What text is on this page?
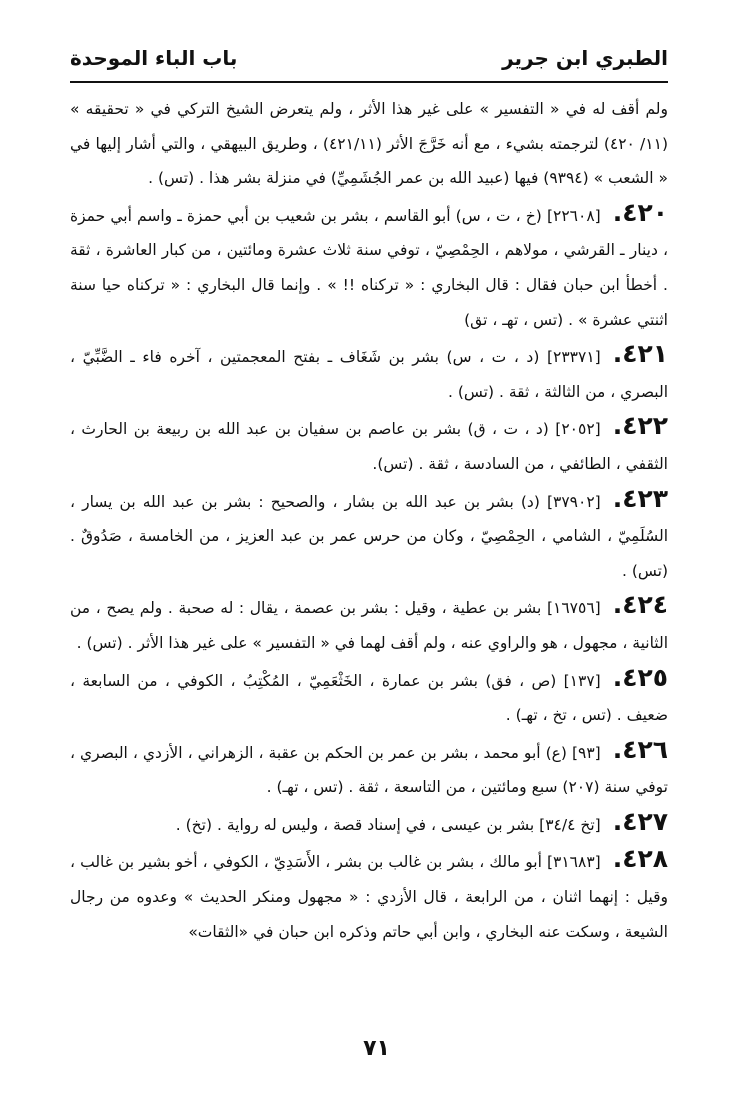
الطبري ابن جرير
باب الباء الموحدة

ولم أقف له في « التفسير » على غير هذا الأثر ، ولم يتعرض الشيخ التركي في « تحقيقه » (١١/ ٤٢٠) لترجمته بشيء ، مع أنه خَرَّجَ الأثر (٤٢١/١١) ، وطريق البيهقي ، والتي أشار إليها في « الشعب » (٩٣٩٤) فيها (عبيد الله بن عمر الجُشَمِيِّ) في منزلة بشر هذا . (تس) .

٤٢٠.[٢٢٦٠٨] (خ ، ت ، س) أبو القاسم ، بشر بن شعيب بن أبي حمزة ـ واسم أبي حمزة ، دينار ـ القرشي ، مولاهم ، الحِمْصِيّ ، توفي سنة ثلاث عشرة ومائتين ، من كبار العاشرة ، ثقة . أخطأ ابن حبان فقال : قال البخاري : « تركناه !! » . وإنما قال البخاري : « تركناه حيا سنة اثنتي عشرة » . (تس ، تهـ ، تق)

٤٢١.[٢٣٣٧١] (د ، ت ، س) بشر بن شَغَاف ـ بفتح المعجمتين ، آخره فاء ـ الضَّبِّيّ ، البصري ، من الثالثة ، ثقة . (تس) .

٤٢٢.[٢٠٥٢] (د ، ت ، ق) بشر بن عاصم بن سفيان بن عبد الله بن ربيعة بن الحارث ، الثقفي ، الطائفي ، من السادسة ، ثقة . (تس).

٤٢٣.[٣٧٩٠٢] (د) بشر بن عبد الله بن بشار ، والصحيح : بشر بن عبد الله بن يسار ، السُلَمِيّ ، الشامي ، الحِمْصِيّ ، وكان من حرس عمر بن عبد العزيز ، من الخامسة ، صَدُوقٌ . (تس) .

٤٢٤.[١٦٧٥٦] بشر بن عطية ، وقيل : بشر بن عصمة ، يقال : له صحبة . ولم يصح ، من الثانية ، مجهول ، هو والراوي عنه ، ولم أقف لهما في « التفسير » على غير هذا الأثر . (تس) .

٤٢٥.[١٣٧] (ص ، فق) بشر بن عمارة ، الخَثْعَمِيّ ، المُكْتِبُ ، الكوفي ، من السابعة ، ضعيف . (تس ، تخ ، تهـ) .

٤٢٦.[٩٣] (ع) أبو محمد ، بشر بن عمر بن الحكم بن عقبة ، الزهراني ، الأزدي ، البصري ، توفي سنة (٢٠٧) سبع ومائتين ، من التاسعة ، ثقة . (تس ، تهـ) .

٤٢٧.[تخ ٣٤/٤] بشر بن عيسى ، في إسناد قصة ، وليس له رواية . (تخ) .

٤٢٨.[٣١٦٨٣] أبو مالك ، بشر بن غالب بن بشر ، الأَسَدِيّ ، الكوفي ، أخو بشير بن غالب ، وقيل : إنهما اثنان ، من الرابعة ، قال الأزدي : « مجهول ومنكر الحديث » وعدوه من رجال الشيعة ، وسكت عنه البخاري ، وابن أبي حاتم وذكره ابن حبان في «الثقات»

٧١
